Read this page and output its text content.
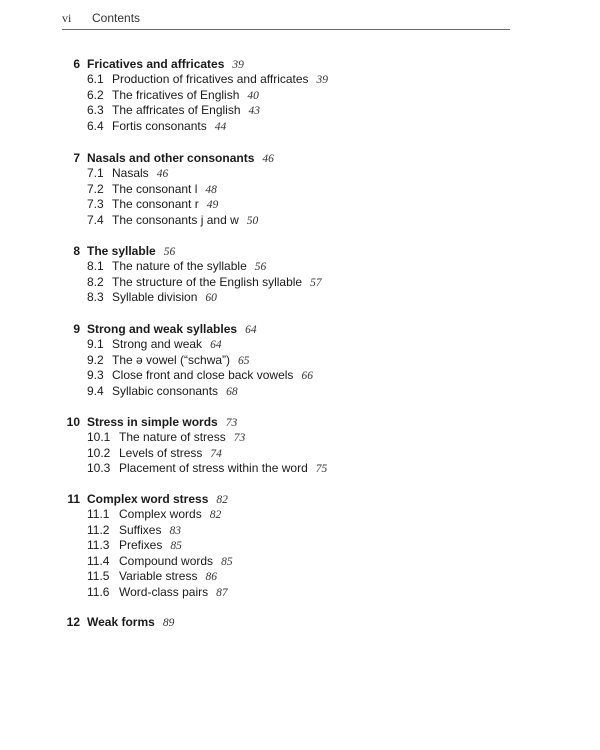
vi Contents
6 Fricatives and affricates 39
6.1 Production of fricatives and affricates 39
6.2 The fricatives of English 40
6.3 The affricates of English 43
6.4 Fortis consonants 44
7 Nasals and other consonants 46
7.1 Nasals 46
7.2 The consonant l 48
7.3 The consonant r 49
7.4 The consonants j and w 50
8 The syllable 56
8.1 The nature of the syllable 56
8.2 The structure of the English syllable 57
8.3 Syllable division 60
9 Strong and weak syllables 64
9.1 Strong and weak 64
9.2 The ə vowel (“schwa”) 65
9.3 Close front and close back vowels 66
9.4 Syllabic consonants 68
10 Stress in simple words 73
10.1 The nature of stress 73
10.2 Levels of stress 74
10.3 Placement of stress within the word 75
11 Complex word stress 82
11.1 Complex words 82
11.2 Suffixes 83
11.3 Prefixes 85
11.4 Compound words 85
11.5 Variable stress 86
11.6 Word-class pairs 87
12 Weak forms 89
